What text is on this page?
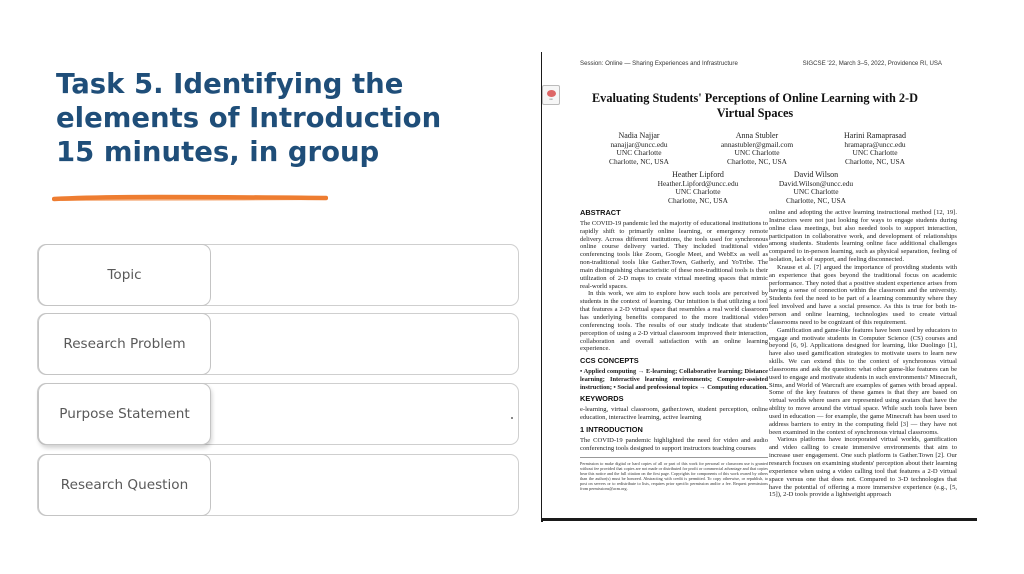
Task 5. Identifying the
elements of Introduction
15 minutes, in group
Topic
Research Problem
Purpose Statement
Research Question
Session: Online — Sharing Experiences and Infrastructure	SIGCSE '22, March 3–5, 2022, Providence RI, USA
▪▪▪	Evaluating Students' Perceptions of Online Learning with 2-D Virtual Spaces
Nadia Najjar
nanajjar@uncc.edu
UNC Charlotte
Charlotte, NC, USA
Anna Stubler
annastubler@gmail.com
UNC Charlotte
Charlotte, NC, USA
Harini Ramaprasad
hramapra@uncc.edu
UNC Charlotte
Charlotte, NC, USA
Heather Lipford
Heather.Lipford@uncc.edu
UNC Charlotte
Charlotte, NC, USA
David Wilson
David.Wilson@uncc.edu
UNC Charlotte
Charlotte, NC, USA
ABSTRACT

The COVID-19 pandemic led the majority of educational institutions to rapidly shift to primarily online learning, or emergency remote delivery. Across different institutions, the tools used for synchronous online course delivery varied. They included traditional video conferencing tools like Zoom, Google Meet, and WebEx as well as non-traditional tools like Gather.Town, Gatherly, and YoTribe. The main distinguishing characteristic of these non-traditional tools is their utilization of 2-D maps to create virtual meeting spaces that mimic real-world spaces.

In this work, we aim to explore how such tools are perceived by students in the context of learning. Our intuition is that utilizing a tool that features a 2-D virtual space that resembles a real world classroom has underlying benefits compared to the more traditional video conferencing tools. The results of our study indicate that students' perception of using a 2-D virtual classroom improved their interaction, collaboration and overall satisfaction with an online learning experience.

CCS CONCEPTS

• Applied computing → E-learning; Collaborative learning; Distance learning; Interactive learning environments; Computer-assisted instruction; • Social and professional topics → Computing education.

KEYWORDS

e-learning, virtual classroom, gather.town, student perception, online education, interactive learning, active learning

1 INTRODUCTION

The COVID-19 pandemic highlighted the need for video and audio conferencing tools designed to support instructors teaching courses

Permission to make digital or hard copies of all or part of this work for personal or classroom use is granted without fee provided that copies are not made or distributed for profit or commercial advantage and that copies bear this notice and the full citation on the first page. Copyrights for components of this work owned by others than the author(s) must be honored. Abstracting with credit is permitted. To copy otherwise, or republish, to post on servers or to redistribute to lists, requires prior specific permission and/or a fee. Request permissions from permissions@acm.org.

online and adopting the active learning instructional method [12, 19]. Instructors were not just looking for ways to engage students during online class meetings, but also needed tools to support interaction, participation in collaborative work, and development of relationships among students. Students learning online face additional challenges compared to in-person learning, such as physical separation, feeling of isolation, lack of support, and feeling disconnected.

Krause et al. [7] argued the importance of providing students with an experience that goes beyond the traditional focus on academic performance. They noted that a positive student experience arises from having a sense of connection within the classroom and the university. Students feel the need to be part of a learning community where they feel involved and have a social presence. As this is true for both in-person and online learning, technologies used to create virtual classrooms need to be cognizant of this requirement.

Gamification and game-like features have been used by educators to engage and motivate students in Computer Science (CS) courses and beyond [6, 9]. Applications designed for learning, like Duolingo [1], have also used gamification strategies to motivate users to learn new skills. We can extend this to the context of synchronous virtual classrooms and ask the question: what other game-like features can be used to engage and motivate students in such environments? Minecraft, Sims, and World of Warcraft are examples of games with broad appeal. Some of the key features of these games is that they are based on virtual worlds where users are represented using avatars that have the ability to move around the virtual space. While such tools have been used in education — for example, the game Minecraft has been used to address barriers to entry in the computing field [3] — they have not been examined in the context of synchronous virtual classrooms.

Various platforms have incorporated virtual worlds, gamification and video calling to create immersive environments that aim to increase user engagement. One such platform is Gather.Town [2]. Our research focuses on examining students' perception about their learning experience when using a video calling tool that features a 2-D virtual space versus one that does not. Compared to 3-D technologies that have the potential of offering a more immersive experience (e.g., [5, 15]), 2-D tools provide a lightweight approach
